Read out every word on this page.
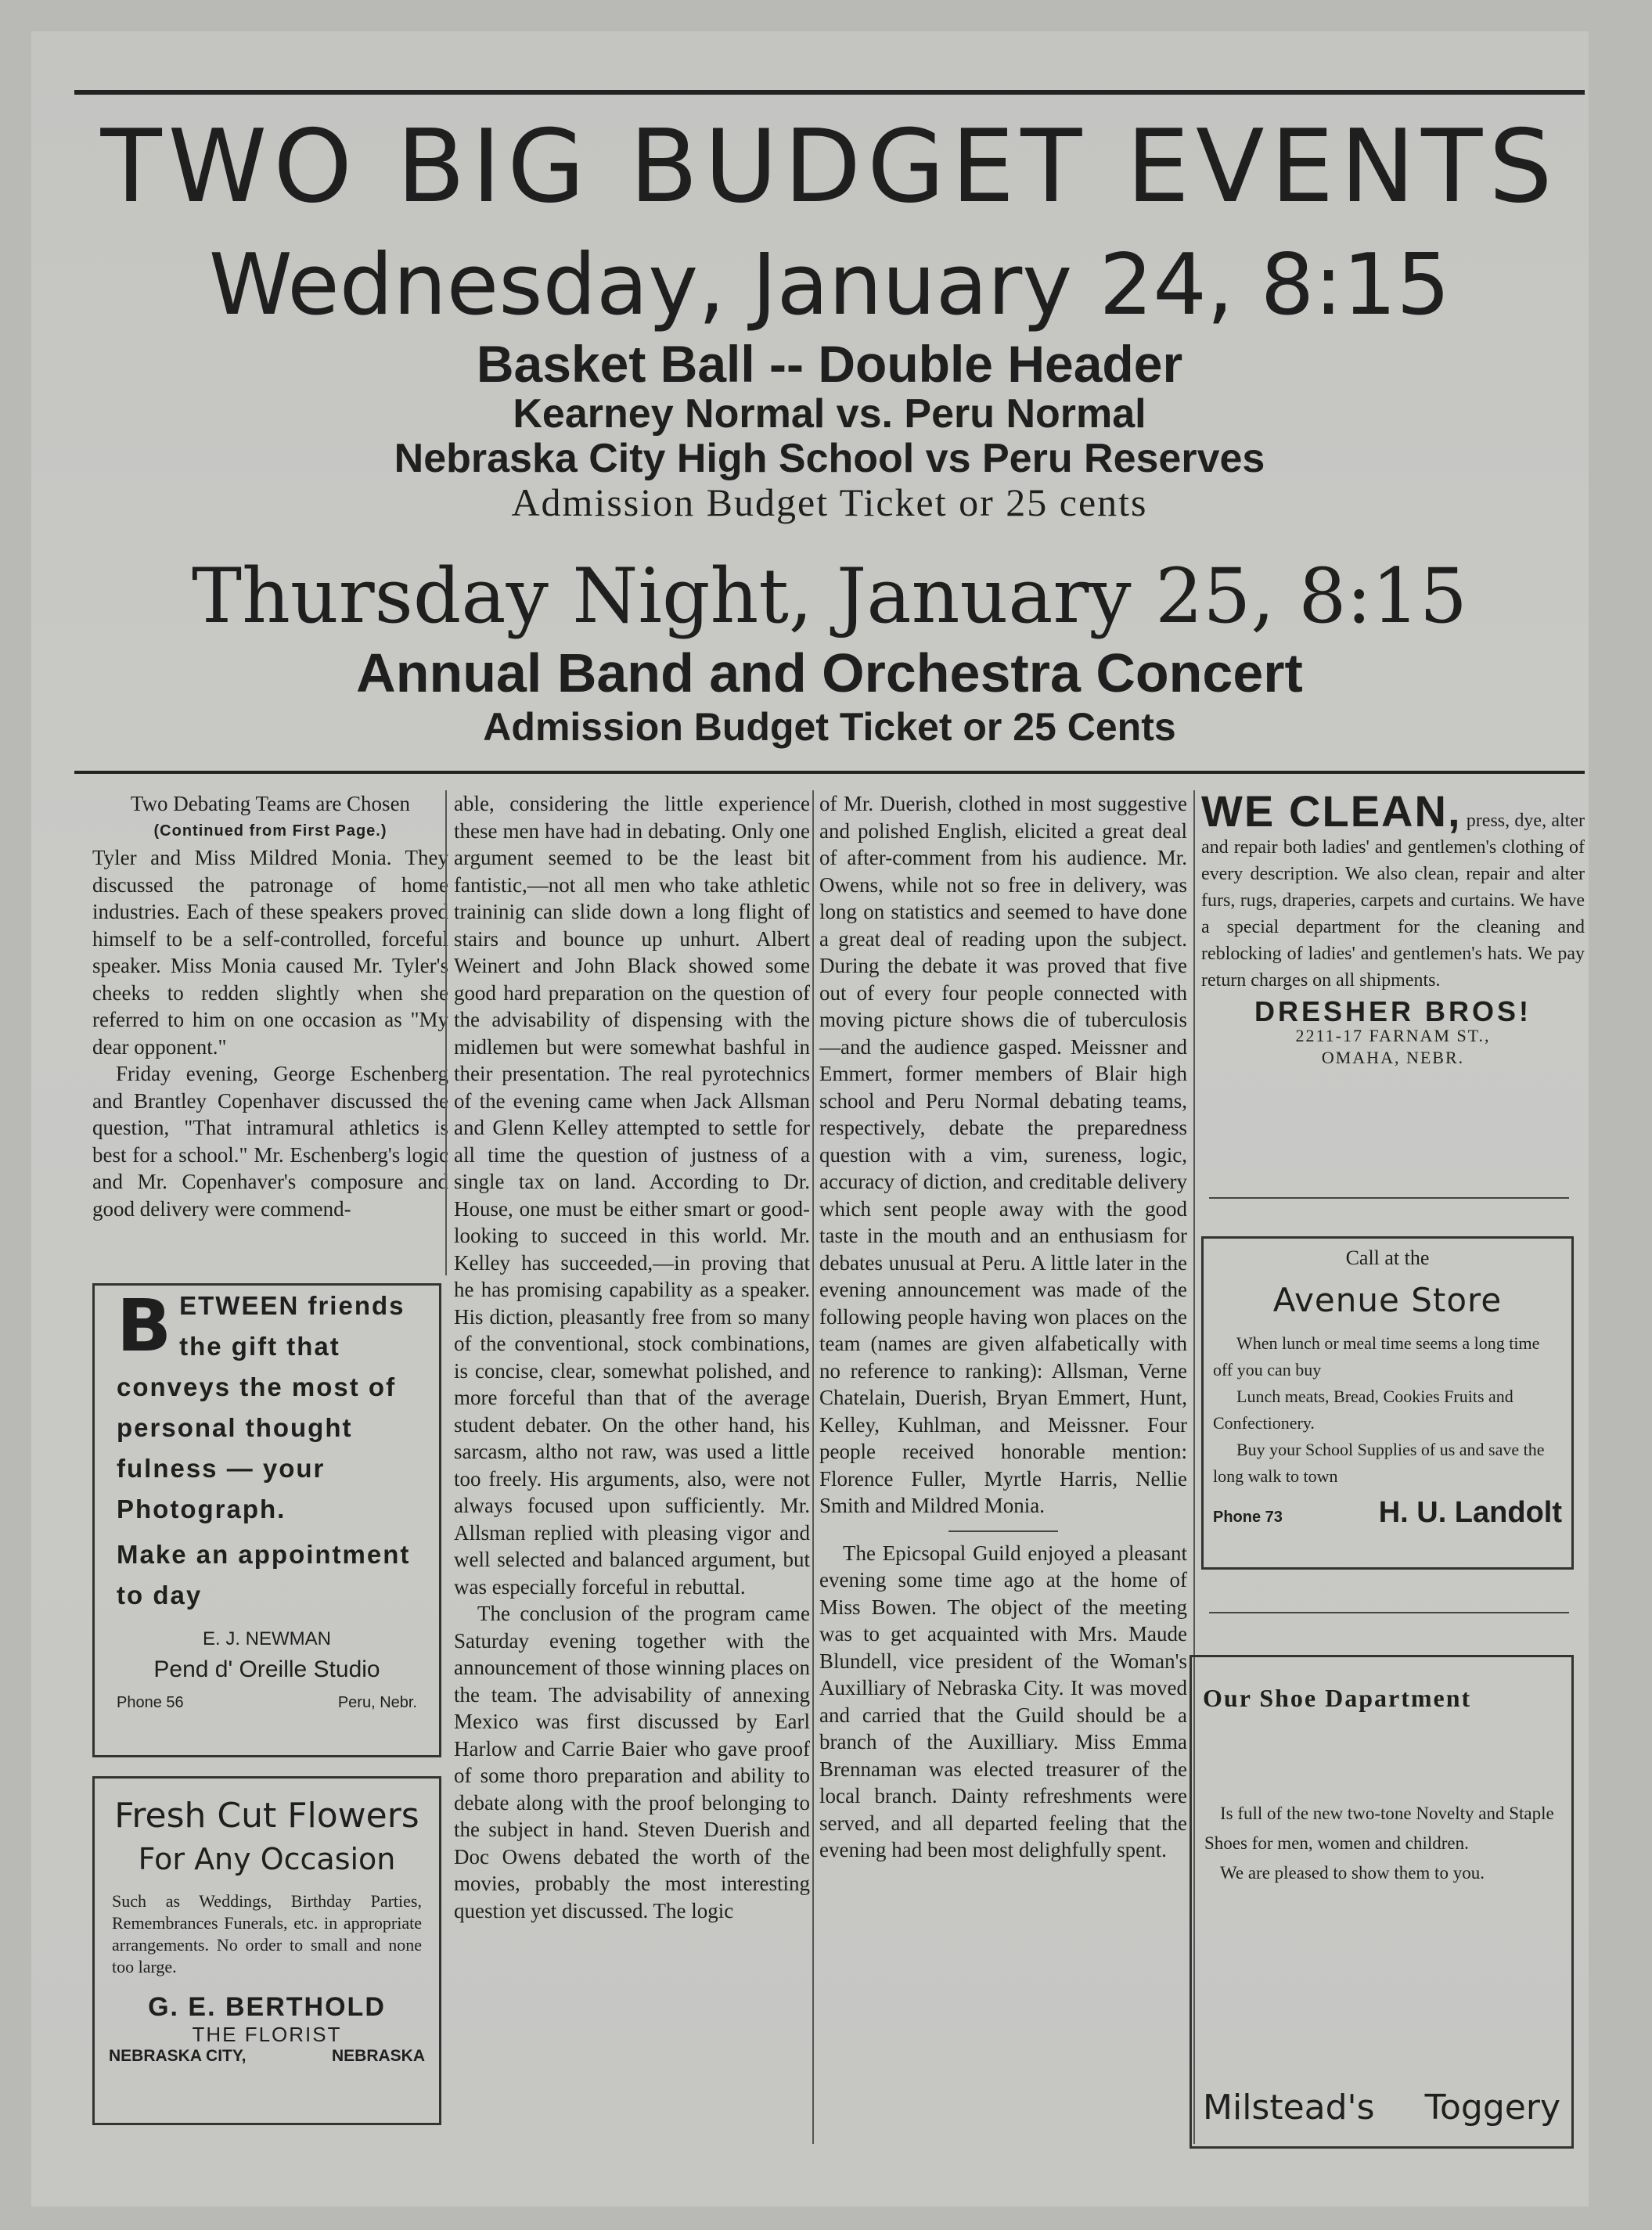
TWO BIG BUDGET EVENTS
Wednesday, January 24, 8:15
Basket Ball -- Double Header
Kearney Normal vs. Peru Normal
Nebraska City High School vs Peru Reserves
Admission Budget Ticket or 25 cents
Thursday Night, January 25, 8:15
Annual Band and Orchestra Concert
Admission Budget Ticket or 25 Cents
Two Debating Teams are Chosen
(Continued from First Page.)

Tyler and Miss Mildred Monia. They discussed the patronage of home industries. Each of these speakers proved himself to be a self-controlled, forceful speaker. Miss Monia caused Mr. Tyler's cheeks to redden slightly when she referred to him on one occasion as "My dear opponent."

Friday evening, George Eschenberg and Brantley Copenhaver discussed the question, "That intramural athletics is best for a school." Mr. Eschenberg's logic and Mr. Copenhaver's composure and good delivery were commend-

BETWEEN friends the gift that conveys the most of personal thought fulness — your Photograph.
Make an appointment to day
E. J. NEWMAN
Pend d' Oreille Studio
Phone 56	Peru, Nebr.
Fresh Cut Flowers
For Any Occasion
Such as Weddings, Birthday Parties, Remembrances Funerals, etc. in appropriate arrangements. No order to small and none too large.
G. E. BERTHOLD
THE FLORIST
NEBRASKA CITY,	NEBRASKA

able, considering the little experience these men have had in debating. Only one argument seemed to be the least bit fantistic,—not all men who take athletic traininig can slide down a long flight of stairs and bounce up unhurt. Albert Weinert and John Black showed some good hard preparation on the question of the advisability of dispensing with the midlemen but were somewhat bashful in their presentation. The real pyrotechnics of the evening came when Jack Allsman and Glenn Kelley attempted to settle for all time the question of justness of a single tax on land. According to Dr. House, one must be either smart or good-looking to succeed in this world. Mr. Kelley has succeeded,—in proving that he has promising capability as a speaker. His diction, pleasantly free from so many of the conventional, stock combinations, is concise, clear, somewhat polished, and more forceful than that of the average student debater. On the other hand, his sarcasm, altho not raw, was used a little too freely. His arguments, also, were not always focused upon sufficiently. Mr. Allsman replied with pleasing vigor and well selected and balanced argument, but was especially forceful in rebuttal.

The conclusion of the program came Saturday evening together with the announcement of those winning places on the team. The advisability of annexing Mexico was first discussed by Earl Harlow and Carrie Baier who gave proof of some thoro preparation and ability to debate along with the proof belonging to the subject in hand. Steven Duerish and Doc Owens debated the worth of the movies, probably the most interesting question yet discussed. The logic

of Mr. Duerish, clothed in most suggestive and polished English, elicited a great deal of after-comment from his audience. Mr. Owens, while not so free in delivery, was long on statistics and seemed to have done a great deal of reading upon the subject. During the debate it was proved that five out of every four people connected with moving picture shows die of tuberculosis—and the audience gasped. Meissner and Emmert, former members of Blair high school and Peru Normal debating teams, respectively, debate the preparedness question with a vim, sureness, logic, accuracy of diction, and creditable delivery which sent people away with the good taste in the mouth and an enthusiasm for debates unusual at Peru. A little later in the evening announcement was made of the following people having won places on the team (names are given alfabetically with no reference to ranking): Allsman, Verne Chatelain, Duerish, Bryan Emmert, Hunt, Kelley, Kuhlman, and Meissner. Four people received honorable mention: Florence Fuller, Myrtle Harris, Nellie Smith and Mildred Monia.

The Epicsopal Guild enjoyed a pleasant evening some time ago at the home of Miss Bowen. The object of the meeting was to get acquainted with Mrs. Maude Blundell, vice president of the Woman's Auxilliary of Nebraska City. It was moved and carried that the Guild should be a branch of the Auxilliary. Miss Emma Brennaman was elected treasurer of the local branch. Dainty refreshments were served, and all departed feeling that the evening had been most delighfully spent.

WE CLEAN, press, dye, alter and repair both ladies' and gentlemen's clothing of every description. We also clean, repair and alter furs, rugs, draperies, carpets and curtains. We have a special department for the cleaning and reblocking of ladies' and gentlemen's hats. We pay return charges on all shipments.
DRESHER BROS!
2211-17 FARNAM ST.,
OMAHA, NEBR.
Call at the
Avenue Store

When lunch or meal time seems a long time off you can buy

Lunch meats, Bread, Cookies Fruits and Confectionery.

Buy your School Supplies of us and save the long walk to town

Phone 73	H. U. Landolt
Our Shoe Dapartment

Is full of the new two-tone Novelty and Staple Shoes for men, women and children.

We are pleased to show them to you.

Milstead's Toggery
